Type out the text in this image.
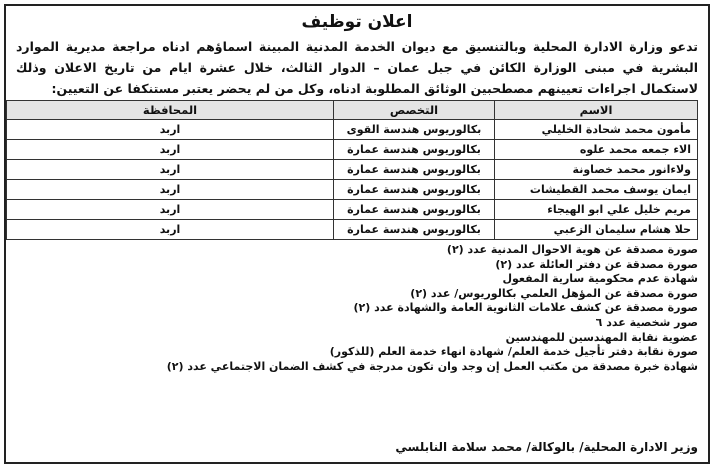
اعلان توظيف

تدعو وزارة الادارة المحلية وبالتنسيق مع ديوان الخدمة المدنية المبينة اسماؤهم ادناه مراجعة مديرية الموارد البشرية في مبنى الوزارة الكائن في جبل عمان – الدوار الثالث، خلال عشرة ايام من تاريخ الاعلان وذلك لاستكمال اجراءات تعيينهم مصطحبين الوثائق المطلوبة ادناه، وكل من لم يحضر يعتبر مستنكفا عن التعيين:

الاسم	التخصص	المحافظة
مأمون محمد شحادة الخليلي	بكالوريوس هندسة القوى	اربد
الاء جمعه محمد علوه	بكالوريوس هندسة عمارة	اربد
ولاءانور محمد خصاونة	بكالوريوس هندسة عمارة	اربد
ايمان يوسف محمد القطيشات	بكالوريوس هندسة عمارة	اربد
مريم خليل علي ابو الهيجاء	بكالوريوس هندسة عمارة	اربد
حلا هشام سليمان الزعبي	بكالوريوس هندسة عمارة	اربد
صورة مصدقة عن هوية الاحوال المدنية عدد (٢)
صورة مصدقة عن دفتر العائلة عدد (٢)
شهادة عدم محكومية سارية المفعول
صورة مصدقة عن المؤهل العلمي بكالوريوس/ عدد (٢)
صورة مصدقة عن كشف علامات الثانوية العامة والشهادة عدد (٢)
صور شخصية عدد ٦
عضوية نقابة المهندسين للمهندسين
صورة نقابة دفتر تأجيل خدمة العلم/ شهادة انهاء خدمة العلم (للذكور)
شهادة خبرة مصدقة من مكتب العمل إن وجد وان تكون مدرجة في كشف الضمان الاجتماعي عدد (٢)
وزير الادارة المحلية/ بالوكالة/ محمد سلامة النابلسي
